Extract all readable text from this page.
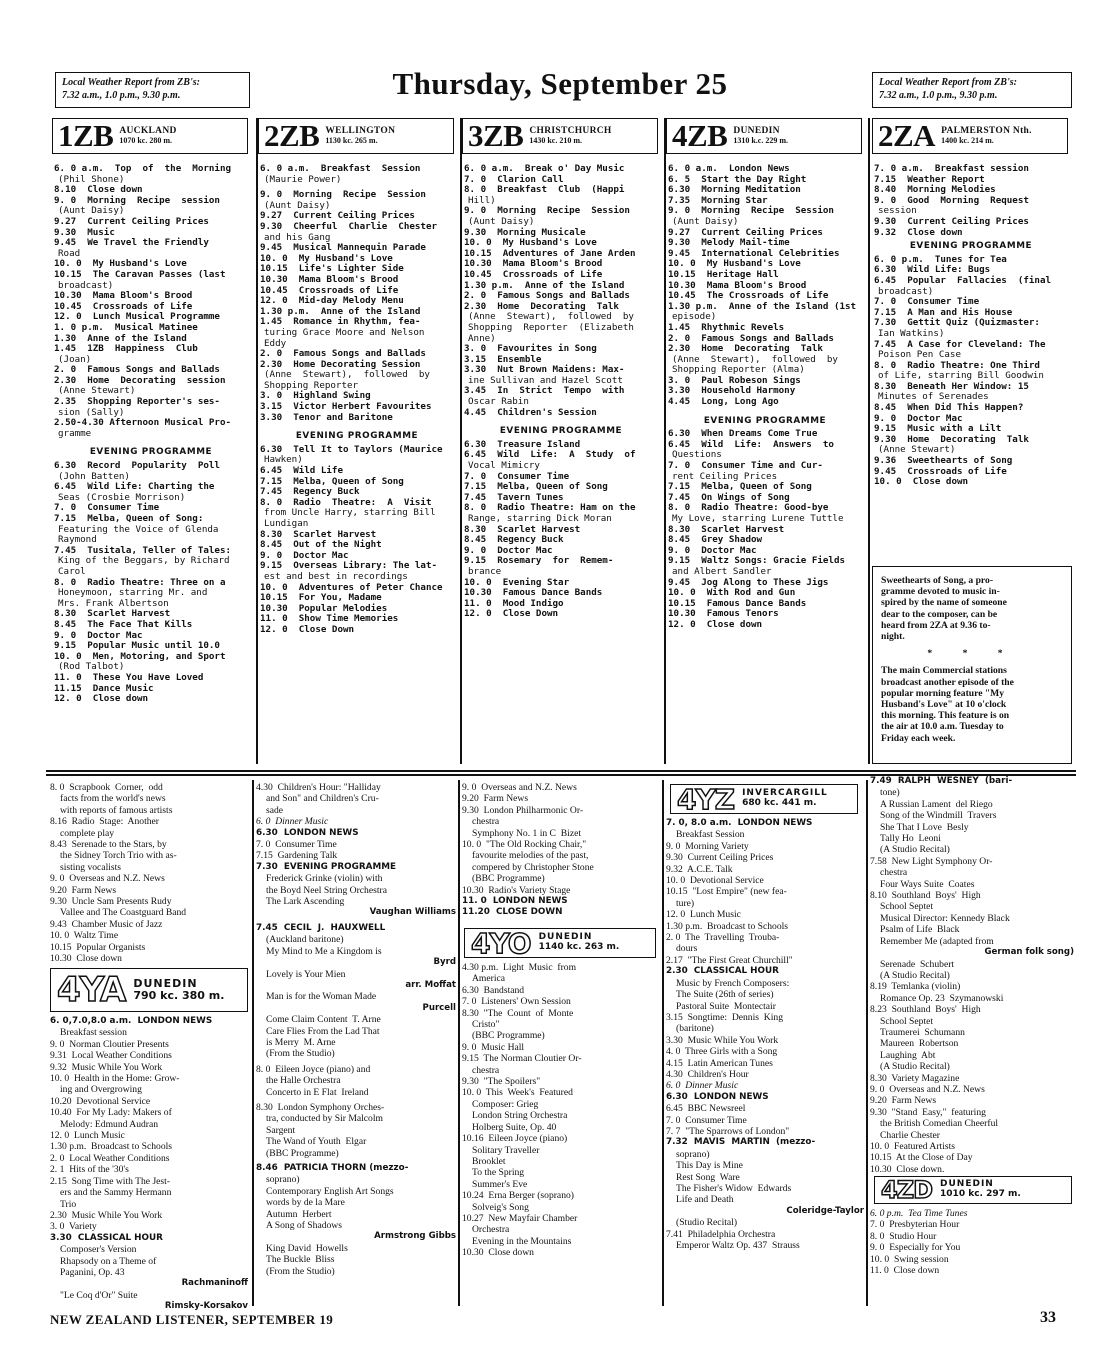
Local Weather Report from ZB's:
7.32 a.m., 1.0 p.m., 9.30 p.m.	Thursday, September 25	Local Weather Report from ZB's:
7.32 a.m., 1.0 p.m., 9.30 p.m.
1ZB AUCKLAND
1070 kc. 280 m.	2ZB WELLINGTON
1130 kc. 265 m.	3ZB CHRISTCHURCH
1430 kc. 210 m.	4ZB DUNEDIN
1310 k.c. 229 m.	2ZA PALMERSTON Nth.
1400 kc. 214 m.
6. 0 a.m.  Top  of  the  Morning
(Phil Shone)
8.10  Close down
9. 0  Morning  Recipe  session
(Aunt Daisy)
9.27  Current Ceiling Prices
9.30  Music
9.45  We Travel the Friendly
Road
10. 0  My Husband's Love
10.15  The Caravan Passes (last
broadcast)
10.30  Mama Bloom's Brood
10.45  Crossroads of Life
12. 0  Lunch Musical Programme
1. 0 p.m.  Musical Matinee
1.30  Anne of the Island
1.45  1ZB  Happiness  Club
(Joan)
2. 0  Famous Songs and Ballads
2.30  Home  Decorating  session
(Anne Stewart)
2.35  Shopping Reporter's ses-
sion (Sally)
2.50-4.30 Afternoon Musical Pro-
gramme
EVENING PROGRAMME
6.30  Record  Popularity  Poll
(John Batten)
6.45  Wild Life: Charting the
Seas (Crosbie Morrison)
7. 0  Consumer Time
7.15  Melba, Queen of Song:
Featuring the Voice of Glenda
Raymond
7.45  Tusitala, Teller of Tales:
King of the Beggars, by Richard
Carol
8. 0  Radio Theatre: Three on a
Honeymoon, starring Mr. and
Mrs. Frank Albertson
8.30  Scarlet Harvest
8.45  The Face That Kills
9. 0  Doctor Mac
9.15  Popular Music until 10.0
10. 0  Men, Motoring, and Sport
(Rod Talbot)
11. 0  These You Have Loved
11.15  Dance Music
12. 0  Close down
6. 0 a.m.  Breakfast  Session
(Maurie Power)
9. 0  Morning  Recipe  Session
(Aunt Daisy)
9.27  Current Ceiling Prices
9.30  Cheerful  Charlie  Chester
and his Gang
9.45  Musical Mannequin Parade
10. 0  My Husband's Love
10.15  Life's Lighter Side
10.30  Mama Bloom's Brood
10.45  Crossroads of Life
12. 0  Mid-day Melody Menu
1.30 p.m.  Anne of the Island
1.45  Romance in Rhythm, fea-
turing Grace Moore and Nelson
Eddy
2. 0  Famous Songs and Ballads
2.30  Home Decorating Session
(Anne  Stewart),  followed  by
Shopping Reporter
3. 0  Highland Swing
3.15  Victor Herbert Favourites
3.30  Tenor and Baritone
EVENING PROGRAMME
6.30  Tell It to Taylors (Maurice
Hawken)
6.45  Wild Life
7.15  Melba, Queen of Song
7.45  Regency Buck
8. 0  Radio  Theatre:  A  Visit
from Uncle Harry, starring Bill
Lundigan
8.30  Scarlet Harvest
8.45  Out of the Night
9. 0  Doctor Mac
9.15  Overseas Library: The lat-
est and best in recordings
10. 0  Adventures of Peter Chance
10.15  For You, Madame
10.30  Popular Melodies
11. 0  Show Time Memories
12. 0  Close Down
6. 0 a.m.  Break o' Day Music
7. 0  Clarion Call
8. 0  Breakfast  Club  (Happi
Hill)
9. 0  Morning  Recipe  Session
(Aunt Daisy)
9.30  Morning Musicale
10. 0  My Husband's Love
10.15  Adventures of Jane Arden
10.30  Mama Bloom's Brood
10.45  Crossroads of Life
1.30 p.m.  Anne of the Island
2. 0  Famous Songs and Ballads
2.30  Home  Decorating  Talk
(Anne  Stewart),  followed  by
Shopping  Reporter  (Elizabeth
Anne)
3. 0  Favourites in Song
3.15  Ensemble
3.30  Nut Brown Maidens: Max-
ine Sullivan and Hazel Scott
3.45  In  Strict  Tempo  with
Oscar Rabin
4.45  Children's Session
EVENING PROGRAMME
6.30  Treasure Island
6.45  Wild  Life:  A  Study  of
Vocal Mimicry
7. 0  Consumer Time
7.15  Melba, Queen of Song
7.45  Tavern Tunes
8. 0  Radio Theatre: Ham on the
Range, starring Dick Moran
8.30  Scarlet Harvest
8.45  Regency Buck
9. 0  Doctor Mac
9.15  Rosemary  for  Remem-
brance
10. 0  Evening Star
10.30  Famous Dance Bands
11. 0  Mood Indigo
12. 0  Close Down
6. 0 a.m.  London News
6. 5  Start the Day Right
6.30  Morning Meditation
7.35  Morning Star
9. 0  Morning  Recipe  Session
(Aunt Daisy)
9.27  Current Ceiling Prices
9.30  Melody Mail-time
9.45  International Celebrities
10. 0  My Husband's Love
10.15  Heritage Hall
10.30  Mama Bloom's Brood
10.45  The Crossroads of Life
1.30 p.m.  Anne of the Island (1st
episode)
1.45  Rhythmic Revels
2. 0  Famous Songs and Ballads
2.30  Home  Decorating  Talk
(Anne  Stewart),  followed  by
Shopping Reporter (Alma)
3. 0  Paul Robeson Sings
3.30  Household Harmony
4.45  Long, Long Ago
EVENING PROGRAMME
6.30  When Dreams Come True
6.45  Wild  Life:  Answers  to
Questions
7. 0  Consumer Time and Cur-
rent Ceiling Prices
7.15  Melba, Queen of Song
7.45  On Wings of Song
8. 0  Radio Theatre: Good-bye
My Love, starring Lurene Tuttle
8.30  Scarlet Harvest
8.45  Grey Shadow
9. 0  Doctor Mac
9.15  Waltz Songs: Gracie Fields
and Albert Sandler
9.45  Jog Along to These Jigs
10. 0  With Rod and Gun
10.15  Famous Dance Bands
10.30  Famous Tenors
12. 0  Close down
7. 0 a.m.  Breakfast session
7.15  Weather Report
8.40  Morning Melodies
9. 0  Good  Morning  Request
session
9.30  Current Ceiling Prices
9.32  Close down
EVENING PROGRAMME
6. 0 p.m.  Tunes for Tea
6.30  Wild Life: Bugs
6.45  Popular  Fallacies  (final
broadcast)
7. 0  Consumer Time
7.15  A Man and His House
7.30  Gettit Quiz (Quizmaster:
Ian Watkins)
7.45  A Case for Cleveland: The
Poison Pen Case
8. 0  Radio Theatre: One Third
of Life, starring Bill Goodwin
8.30  Beneath Her Window: 15
Minutes of Serenades
8.45  When Did This Happen?
9. 0  Doctor Mac
9.15  Music with a Lilt
9.30  Home  Decorating  Talk
(Anne Stewart)
9.36  Sweethearts of Song
9.45  Crossroads of Life
10. 0  Close down

Sweethearts of Song, a pro-

gramme devoted to music in-

spired by the name of someone

dear to the composer, can be

heard from 2ZA at 9.36 to-

night.

* * *

The main Commercial stations

broadcast another episode of the

popular morning feature "My

Husband's Love" at 10 o'clock

this morning. This feature is on

the air at 10.0 a.m. Tuesday to

Friday each week.

8. 0  Scrapbook  Corner,  odd
facts from the world's news
with reports of famous artists
8.16  Radio  Stage:  Another
complete play
8.43  Serenade to the Stars, by
the Sidney Torch Trio with as-
sisting vocalists
9. 0  Overseas and N.Z. News
9.20  Farm News
9.30  Uncle Sam Presents Rudy
Vallee and The Coastguard Band
9.43  Chamber Music of Jazz
10. 0  Waltz Time
10.15  Popular Organists
10.30  Close down
4YA DUNEDIN
790 kc. 380 m.
6. 0,7.0,8.0 a.m.  LONDON NEWS
Breakfast session
9. 0  Norman Cloutier Presents
9.31  Local Weather Conditions
9.32  Music While You Work
10. 0  Health in the Home: Grow-
ing and Overgrowing
10.20  Devotional Service
10.40  For My Lady: Makers of
Melody: Edmund Audran
12. 0  Lunch Music
1.30 p.m.  Broadcast to Schools
2. 0  Local Weather Conditions
2. 1  Hits of the '30's
2.15  Song Time with The Jest-
ers and the Sammy Hermann
Trio
2.30  Music While You Work
3. 0  Variety
3.30  CLASSICAL HOUR
Composer's Version
Rhapsody on a Theme of
Paganini, Op. 43
Rachmaninoff
"Le Coq d'Or" Suite
Rimsky-Korsakov
4.30  Children's Hour: "Halliday
and Son" and Children's Cru-
sade
6. 0  Dinner Music
6.30  LONDON NEWS
7. 0  Consumer Time
7.15  Gardening Talk
7.30  EVENING PROGRAMME
Frederick Grinke (violin) with
the Boyd Neel String Orchestra
The Lark Ascending
Vaughan Williams
7.45  CECIL  J.  HAUXWELL
(Auckland baritone)
My Mind to Me a Kingdom is
Byrd
Lovely is Your Mien
arr. Moffat
Man is for the Woman Made
Purcell
Come Claim Content  T. Arne
Care Flies From the Lad That
is Merry  M. Arne
(From the Studio)
8. 0  Eileen Joyce (piano) and
the Halle Orchestra
Concerto in E Flat  Ireland
8.30  London Symphony Orches-
tra, conducted by Sir Malcolm
Sargent
The Wand of Youth  Elgar
(BBC Programme)
8.46  PATRICIA THORN (mezzo-
soprano)
Contemporary English Art Songs
words by de la Mare
Autumn  Herbert
A Song of Shadows
Armstrong Gibbs
King David  Howells
The Buckle  Bliss
(From the Studio)
9. 0  Overseas and N.Z. News
9.20  Farm News
9.30  London Philharmonic Or-
chestra
Symphony No. 1 in C  Bizet
10. 0  "The Old Rocking Chair,"
favourite melodies of the past,
compered by Christopher Stone
(BBC Programme)
10.30  Radio's Variety Stage
11. 0  LONDON NEWS
11.20  CLOSE DOWN
4YO DUNEDIN
1140 kc. 263 m.
4.30 p.m.  Light  Music  from
America
6.30  Bandstand
7. 0  Listeners' Own Session
8.30  "The  Count  of  Monte
Cristo"
(BBC Programme)
9. 0  Music Hall
9.15  The Norman Cloutier Or-
chestra
9.30  "The Spoilers"
10. 0  This  Week's  Featured
Composer: Grieg
London String Orchestra
Holberg Suite, Op. 40
10.16  Eileen Joyce (piano)
Solitary Traveller
Brooklet
To the Spring
Summer's Eve
10.24  Erna Berger (soprano)
Solveig's Song
10.27  New Mayfair Chamber
Orchestra
Evening in the Mountains
10.30  Close down
4YZ INVERCARGILL
680 kc. 441 m.
7. 0, 8.0 a.m.  LONDON NEWS
Breakfast Session
9. 0  Morning Variety
9.30  Current Ceiling Prices
9.32  A.C.E. Talk
10. 0  Devotional Service
10.15  "Lost Empire" (new fea-
ture)
12. 0  Lunch Music
1.30 p.m.  Broadcast to Schools
2. 0  The  Travelling  Trouba-
dours
2.17  "The First Great Churchill"
2.30  CLASSICAL HOUR
Music by French Composers:
The Suite (26th of series)
Pastoral Suite  Montectair
3.15  Songtime:  Dennis  King
(baritone)
3.30  Music While You Work
4. 0  Three Girls with a Song
4.15  Latin American Tunes
4.30  Children's Hour
6. 0  Dinner Music
6.30  LONDON NEWS
6.45  BBC Newsreel
7. 0  Consumer Time
7. 7  "The Sparrows of London"
7.32  MAVIS  MARTIN  (mezzo-
soprano)
This Day is Mine
Rest Song  Ware
The Fisher's Widow  Edwards
Life and Death
Coleridge-Taylor
(Studio Recital)
7.41  Philadelphia Orchestra
Emperor Waltz Op. 437  Strauss
7.49  RALPH  WESNEY  (bari-
tone)
A Russian Lament  del Riego
Song of the Windmill  Travers
She That I Love  Besly
Tally Ho  Leoni
(A Studio Recital)
7.58  New Light Symphony Or-
chestra
Four Ways Suite  Coates
8.10  Southland  Boys'  High
School Septet
Musical Director: Kennedy Black
Psalm of Life  Black
Remember Me (adapted from
German folk song)
Serenade  Schubert
(A Studio Recital)
8.19  Temlanka (violin)
Romance Op. 23  Szymanowski
8.23  Southland  Boys'  High
School Septet
Traumerei  Schumann
Maureen  Robertson
Laughing  Abt
(A Studio Recital)
8.30  Variety Magazine
9. 0  Overseas and N.Z. News
9.20  Farm News
9.30  "Stand  Easy,"  featuring
the British Comedian Cheerful
Charlie Chester
10. 0  Featured Artists
10.15  At the Close of Day
10.30  Close down.
4ZD DUNEDIN
1010 kc. 297 m.
6. 0 p.m.  Tea Time Tunes
7. 0  Presbyterian Hour
8. 0  Studio Hour
9. 0  Especially for You
10. 0  Swing session
11. 0  Close down
NEW ZEALAND LISTENER, SEPTEMBER 19	33
